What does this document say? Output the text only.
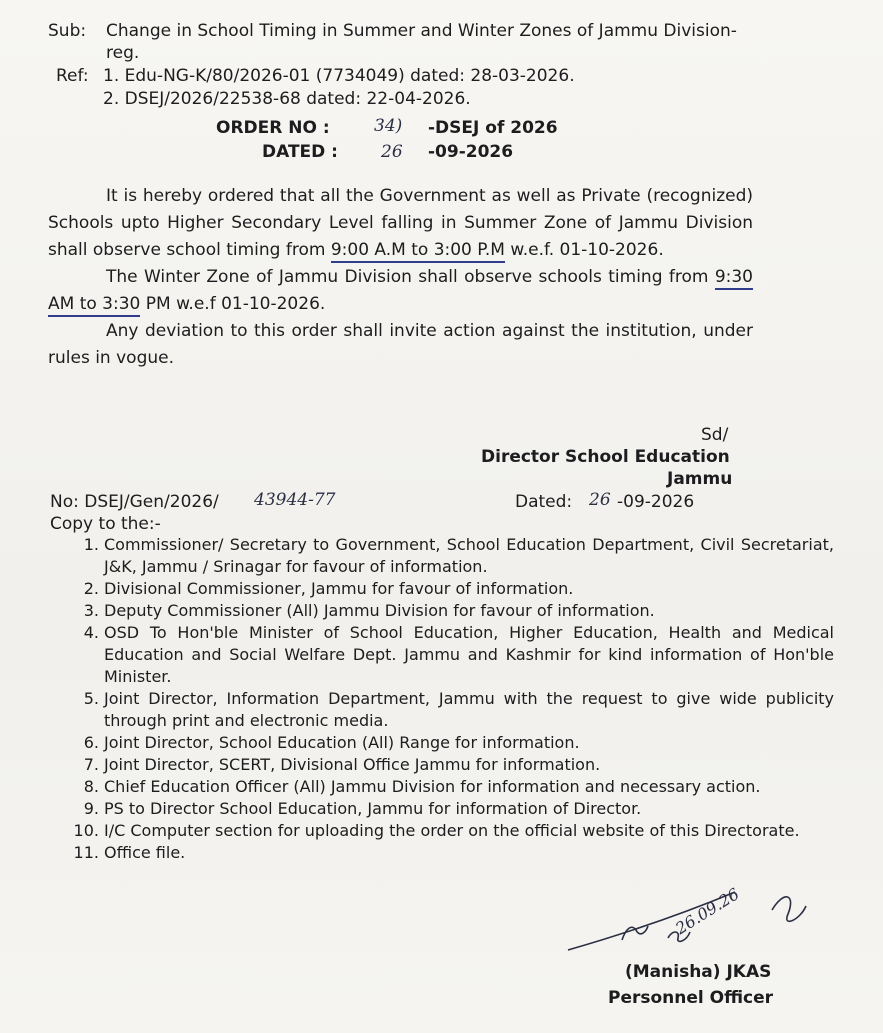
Sub: Change in School Timing in Summer and Winter Zones of Jammu Division-
reg.
Ref: 1. Edu-NG-K/80/2026-01 (7734049) dated: 28-03-2026.
2. DSEJ/2026/22538-68 dated: 22-04-2026.
ORDER NO :	34) -DSEJ of 2026
DATED :	26 -09-2026

It is hereby ordered that all the Government as well as Private (recognized) Schools upto Higher Secondary Level falling in Summer Zone of Jammu Division shall observe school timing from 9:00 A.M to 3:00 P.M w.e.f. 01-10-2026.

The Winter Zone of Jammu Division shall observe schools timing from 9:30 AM to 3:30 PM w.e.f 01-10-2026.

Any deviation to this order shall invite action against the institution, under rules in vogue.

Sd/
Director School Education
Jammu
No: DSEJ/Gen/2026/ 43944-77	Dated: 26 -09-2026
Copy to the:-
1. Commissioner/ Secretary to Government, School Education Department, Civil Secretariat, J&K, Jammu / Srinagar for favour of information.
2. Divisional Commissioner, Jammu for favour of information.
3. Deputy Commissioner (All) Jammu Division for favour of information.
4. OSD To Hon'ble Minister of School Education, Higher Education, Health and Medical Education and Social Welfare Dept. Jammu and Kashmir for kind information of Hon'ble Minister.
5. Joint Director, Information Department, Jammu with the request to give wide publicity through print and electronic media.
6. Joint Director, School Education (All) Range for information.
7. Joint Director, SCERT, Divisional Office Jammu for information.
8. Chief Education Officer (All) Jammu Division for information and necessary action.
9. PS to Director School Education, Jammu for information of Director.
10. I/C Computer section for uploading the order on the official website of this Directorate.
11. Office file.
26.09.26
(Manisha) JKAS
Personnel Officer
